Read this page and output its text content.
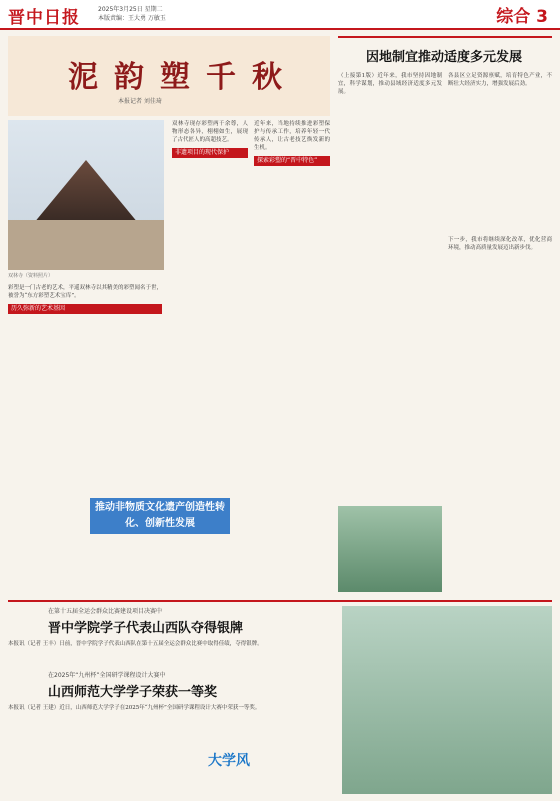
晋中日报	2025年3月25日 星期二
本版责编：王大勇 万敏玉	综合 3
泥韵塑千秋
本报记者 刘佳琦
双林寺（资料照片）

彩塑是一门古老的艺术，平遥双林寺以其精美的彩塑闻名于世，被誉为“东方彩塑艺术宝库”。

历久弥新的艺术基因

双林寺现存彩塑两千余尊，人物形态各异，栩栩如生，展现了古代匠人的高超技艺。

非遗项目的现代保护

近年来，当地持续推进彩塑保护与传承工作，培养年轻一代传承人，让古老技艺焕发新的生机。

探索彩塑的“晋中特色”
推动非物质文化遗产创造性转化、创新性发展
因地制宜推动适度多元发展
（上接第1版）近年来，我市坚持因地制宜，科学谋划，推动县域经济适度多元发展。
各县区立足资源禀赋，培育特色产业，不断壮大经济实力，增强发展后劲。
下一步，我市将继续深化改革，优化营商环境，推动高质量发展迈出新步伐。
在第十五届全运会群众比赛建设项目决赛中
晋中学院学子代表山西队夺得银牌
本报讯（记者 王丰）日前，晋中学院学子代表山西队在第十五届全运会群众比赛中取得佳绩，夺得银牌。
在2025年“九州杯”全国研学课程设计大赛中
山西师范大学学子荣获一等奖
本报讯（记者 王建）近日，山西师范大学学子在2025年“九州杯”全国研学课程设计大赛中荣获一等奖。
大学风
